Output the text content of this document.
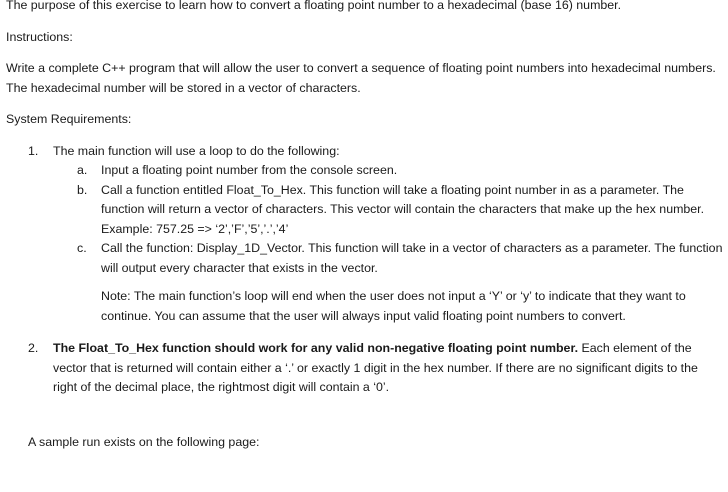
The purpose of this exercise to learn how to convert a floating point number to a hexadecimal (base 16) number.

Instructions:

Write a complete C++ program that will allow the user to convert a sequence of floating point numbers into hexadecimal numbers. The hexadecimal number will be stored in a vector of characters.

System Requirements:

1. The main function will use a loop to do the following:

a. Input a floating point number from the console screen.

b. Call a function entitled Float_To_Hex. This function will take a floating point number in as a parameter. The function will return a vector of characters. This vector will contain the characters that make up the hex number.

Example: 757.25 => ‘2’,’F’,’5’,’.’,’4’

c. Call the function: Display_1D_Vector. This function will take in a vector of characters as a parameter. The function will output every character that exists in the vector.

Note: The main function’s loop will end when the user does not input a ‘Y’ or ‘y’ to indicate that they want to continue. You can assume that the user will always input valid floating point numbers to convert.

2. The Float_To_Hex function should work for any valid non-negative floating point number. Each element of the vector that is returned will contain either a ‘.’ or exactly 1 digit in the hex number. If there are no significant digits to the right of the decimal place, the rightmost digit will contain a ‘0’.

A sample run exists on the following page:
